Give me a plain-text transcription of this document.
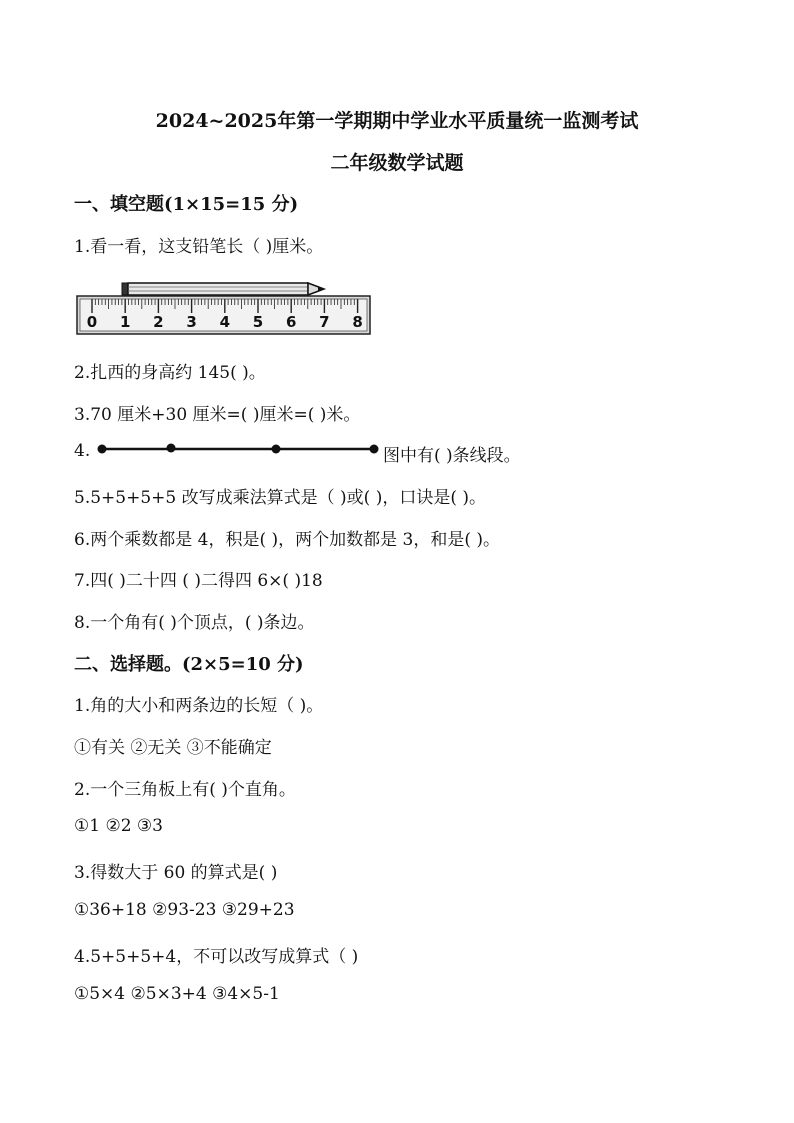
2024~2025年第一学期期中学业水平质量统一监测考试
二年级数学试题
一、填空题(1×15=15 分)
1.看一看，这支铅笔长（ )厘米。
0 1 2 3 4 5 6 7 8
2.扎西的身高约 145( )。
3.70 厘米+30 厘米=( )厘米=( )米。
4.	图中有( )条线段。
5.5+5+5+5 改写成乘法算式是（ )或( )，口诀是( )。
6.两个乘数都是 4，积是( )，两个加数都是 3，和是( )。
7.四( )二十四 ( )二得四 6×( )18
8.一个角有( )个顶点，( )条边。
二、选择题。(2×5=10 分)
1.角的大小和两条边的长短（ )。
①有关 ②无关 ③不能确定
2.一个三角板上有( )个直角。
①1 ②2 ③3
3.得数大于 60 的算式是( )
①36+18 ②93-23 ③29+23
4.5+5+5+4，不可以改写成算式（ )
①5×4 ②5×3+4 ③4×5-1
